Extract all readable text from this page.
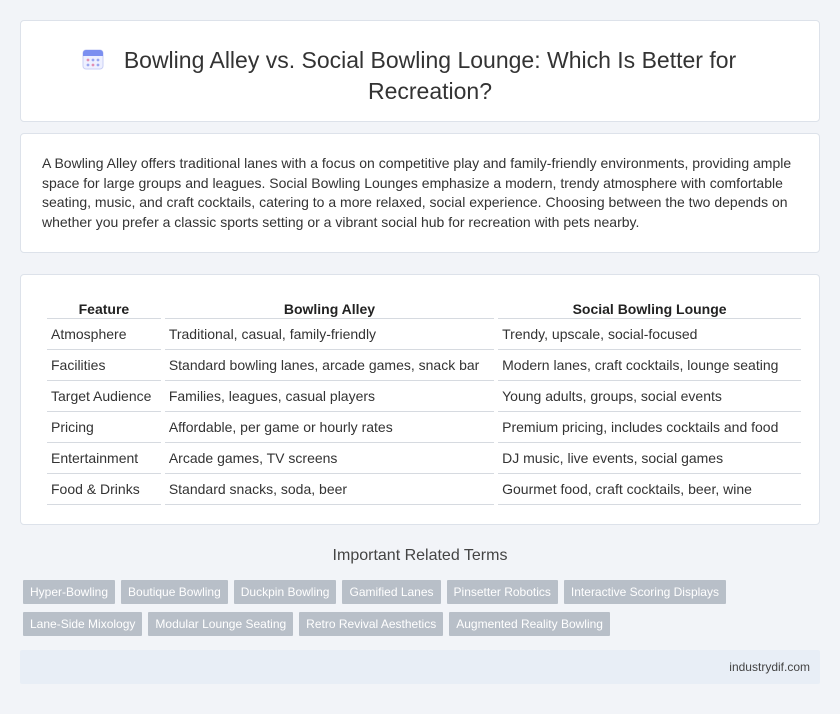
Bowling Alley vs. Social Bowling Lounge: Which Is Better for Recreation?

A Bowling Alley offers traditional lanes with a focus on competitive play and family-friendly environments, providing ample space for large groups and leagues. Social Bowling Lounges emphasize a modern, trendy atmosphere with comfortable seating, music, and craft cocktails, catering to a more relaxed, social experience. Choosing between the two depends on whether you prefer a classic sports setting or a vibrant social hub for recreation with pets nearby.

Feature	Bowling Alley	Social Bowling Lounge
Atmosphere	Traditional, casual, family-friendly	Trendy, upscale, social-focused
Facilities	Standard bowling lanes, arcade games, snack bar	Modern lanes, craft cocktails, lounge seating
Target Audience	Families, leagues, casual players	Young adults, groups, social events
Pricing	Affordable, per game or hourly rates	Premium pricing, includes cocktails and food
Entertainment	Arcade games, TV screens	DJ music, live events, social games
Food & Drinks	Standard snacks, soda, beer	Gourmet food, craft cocktails, beer, wine
Important Related Terms
Hyper-Bowling Boutique Bowling Duckpin Bowling Gamified Lanes Pinsetter Robotics Interactive Scoring Displays
Lane-Side Mixology Modular Lounge Seating Retro Revival Aesthetics Augmented Reality Bowling
industrydif.com
